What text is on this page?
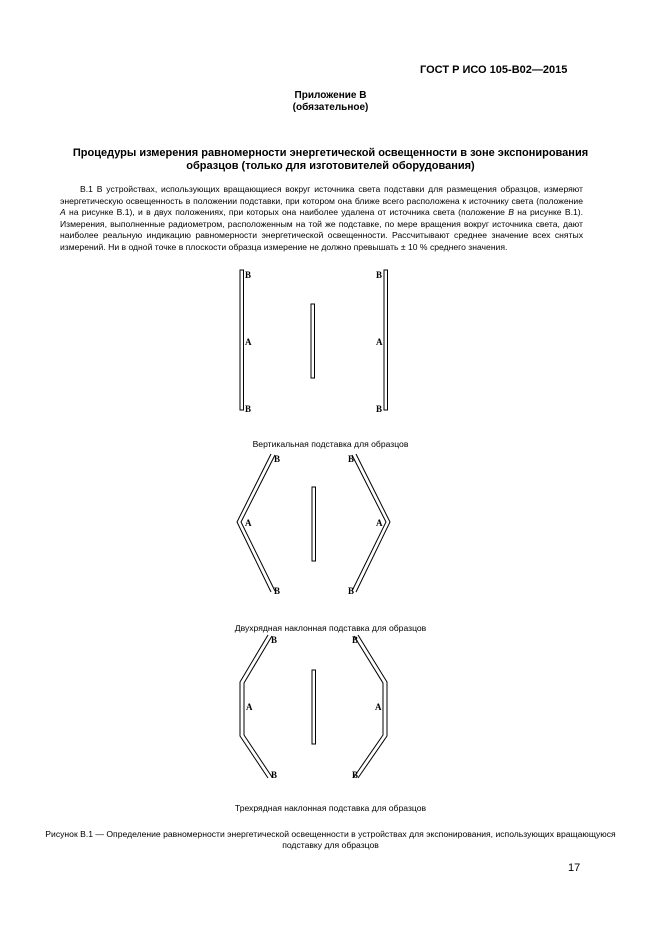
ГОСТ Р ИСО 105-В02—2015
Приложение В
(обязательное)
Процедуры измерения равномерности энергетической освещенности в зоне экспонирования образцов (только для изготовителей оборудования)
В.1 В устройствах, использующих вращающиеся вокруг источника света подставки для размещения образцов, измеряют энергетическую освещенность в положении подставки, при котором она ближе всего расположена к источнику света (положение А на рисунке В.1), и в двух положениях, при которых она наиболее удалена от источника света (положение В на рисунке В.1). Измерения, выполненные радиометром, расположенным на той же подставке, по мере вращения вокруг источника света, дают наиболее реальную индикацию равномерности энергетической освещенности. Рассчитывают среднее значение всех снятых измерений. Ни в одной точке в плоскости образца измерение не должно превышать ± 10 % среднего значения.
В
А
В
В
А
В
В
А
В
В
А
В
В
А
В
В
А
В
Вертикальная подставка для образцов
Двухрядная наклонная подставка для образцов
Трехрядная наклонная подставка для образцов
Рисунок В.1 — Определение равномерности энергетической освещенности в устройствах для экспонирования, использующих вращающуюся подставку для образцов
17
